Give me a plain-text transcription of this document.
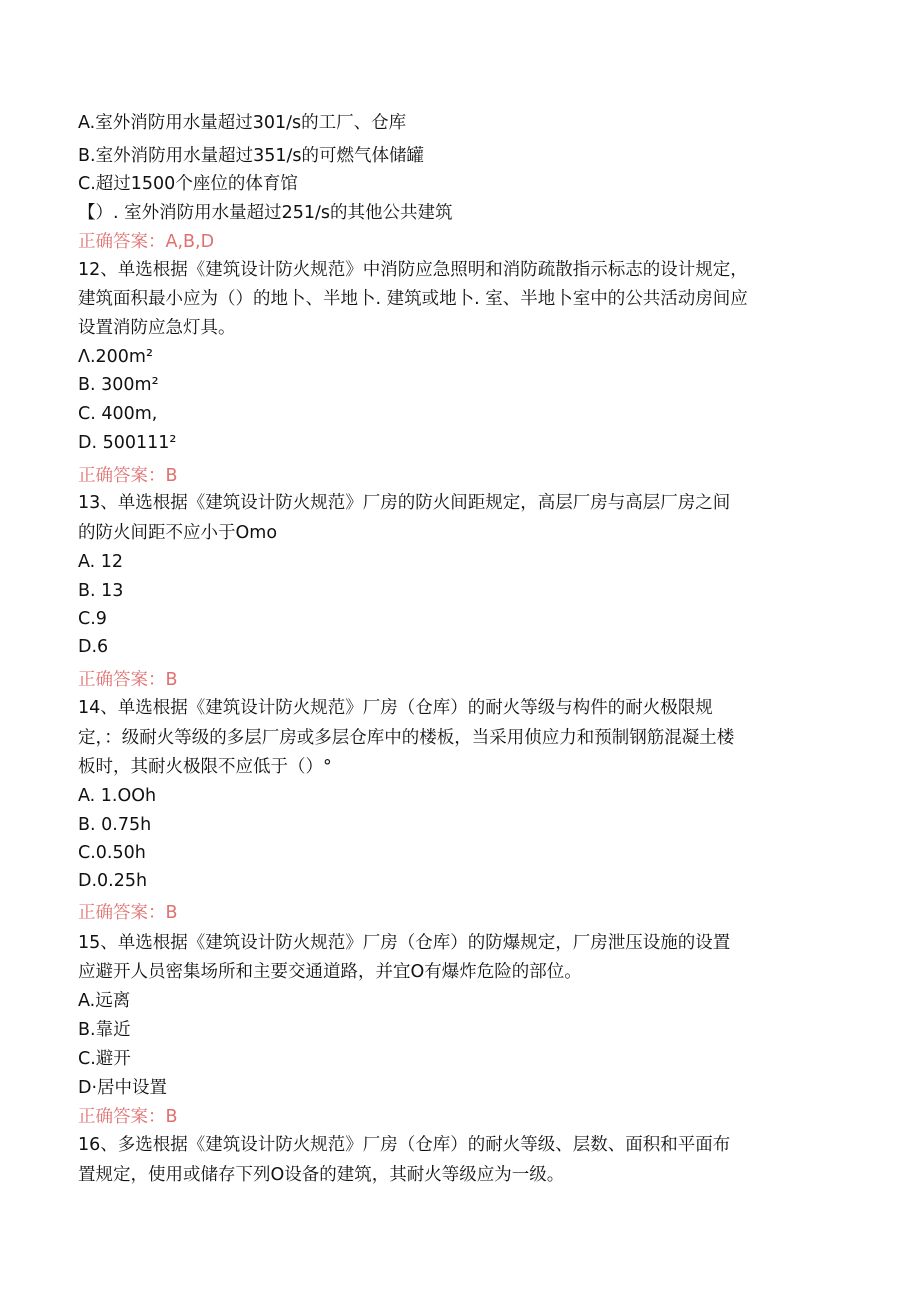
A.室外消防用水量超过301∕s的工厂、仓库
B.室外消防用水量超过351∕s的可燃气体储罐
C.超过1500个座位的体育馆
【）. 室外消防用水量超过251∕s的其他公共建筑
正确答案：A,B,D
12、单选根据《建筑设计防火规范》中消防应急照明和消防疏散指示标志的设计规定，
建筑面积最小应为（）的地卜、半地卜. 建筑或地卜. 室、半地卜室中的公共活动房间应
设置消防应急灯具。
Λ.200m²
B. 300m²
C. 400m,
D. 500111²
正确答案：B
13、单选根据《建筑设计防火规范》厂房的防火间距规定，高层厂房与高层厂房之间
的防火间距不应小于Omo
A. 12
B. 13
C.9
D.6
正确答案：B
14、单选根据《建筑设计防火规范》厂房（仓库）的耐火等级与构件的耐火极限规
定，：级耐火等级的多层厂房或多层仓库中的楼板，当采用侦应力和预制钢筋混凝土楼
板时，其耐火极限不应低于（）°
A. 1.OOh
B. 0.75h
C.0.50h
D.0.25h
正确答案：B
15、单选根据《建筑设计防火规范》厂房（仓库）的防爆规定，厂房泄压设施的设置
应避开人员密集场所和主要交通道路，并宜O有爆炸危险的部位。
A.远离
B.靠近
C.避开
D·居中设置
正确答案：B
16、多选根据《建筑设计防火规范》厂房（仓库）的耐火等级、层数、面积和平面布
置规定，使用或储存下列O设备的建筑，其耐火等级应为一级。
